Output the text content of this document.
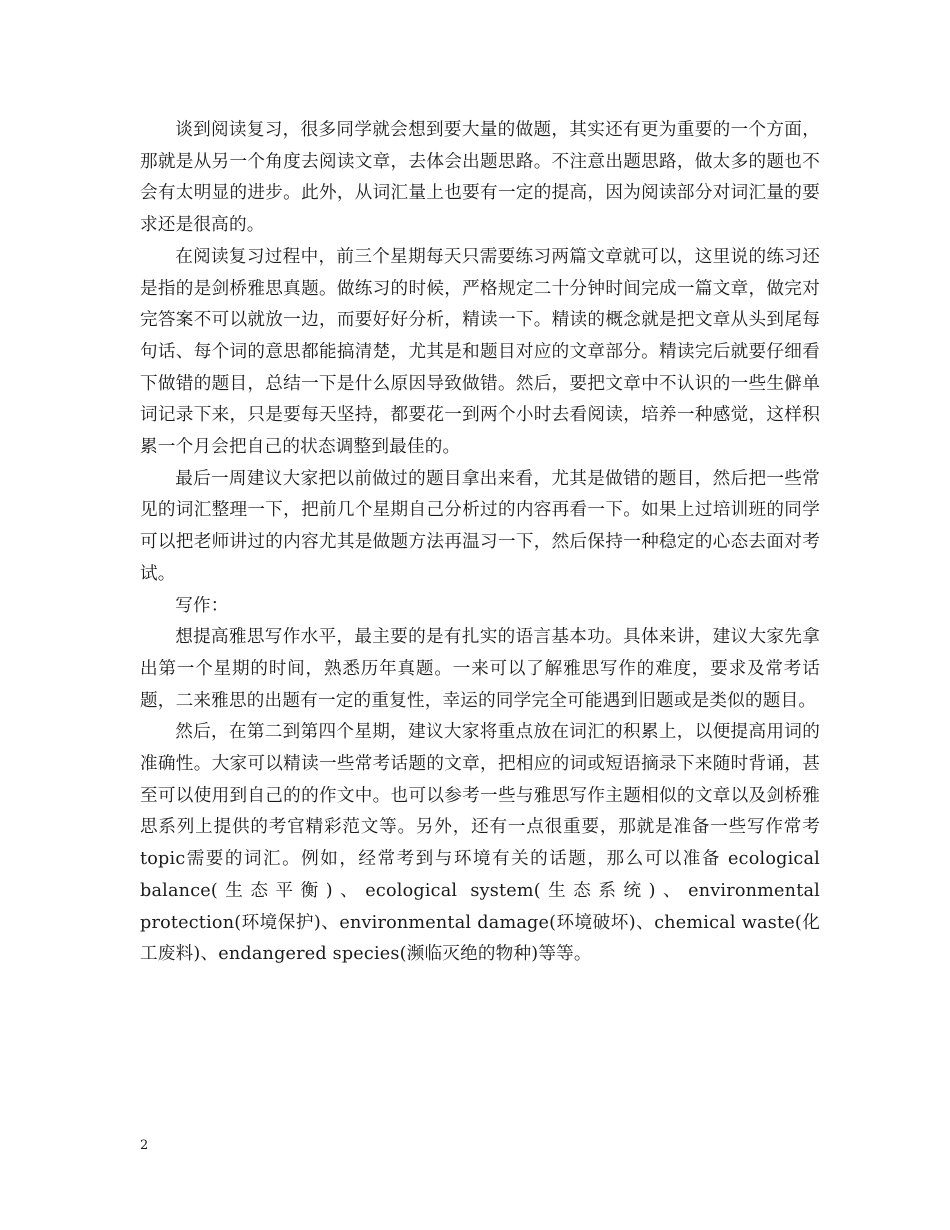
谈到阅读复习，很多同学就会想到要大量的做题，其实还有更为重要的一个方面，那就是从另一个角度去阅读文章，去体会出题思路。不注意出题思路，做太多的题也不会有太明显的进步。此外，从词汇量上也要有一定的提高，因为阅读部分对词汇量的要求还是很高的。

在阅读复习过程中，前三个星期每天只需要练习两篇文章就可以，这里说的练习还是指的是剑桥雅思真题。做练习的时候，严格规定二十分钟时间完成一篇文章，做完对完答案不可以就放一边，而要好好分析，精读一下。精读的概念就是把文章从头到尾每句话、每个词的意思都能搞清楚，尤其是和题目对应的文章部分。精读完后就要仔细看下做错的题目，总结一下是什么原因导致做错。然后，要把文章中不认识的一些生僻单词记录下来，只是要每天坚持，都要花一到两个小时去看阅读，培养一种感觉，这样积累一个月会把自己的状态调整到最佳的。

最后一周建议大家把以前做过的题目拿出来看，尤其是做错的题目，然后把一些常见的词汇整理一下，把前几个星期自己分析过的内容再看一下。如果上过培训班的同学可以把老师讲过的内容尤其是做题方法再温习一下，然后保持一种稳定的心态去面对考试。

写作：

想提高雅思写作水平，最主要的是有扎实的语言基本功。具体来讲，建议大家先拿出第一个星期的时间，熟悉历年真题。一来可以了解雅思写作的难度，要求及常考话题，二来雅思的出题有一定的重复性，幸运的同学完全可能遇到旧题或是类似的题目。

然后，在第二到第四个星期，建议大家将重点放在词汇的积累上，以便提高用词的准确性。大家可以精读一些常考话题的文章，把相应的词或短语摘录下来随时背诵，甚至可以使用到自己的的作文中。也可以参考一些与雅思写作主题相似的文章以及剑桥雅思系列上提供的考官精彩范文等。另外，还有一点很重要，那就是准备一些写作常考topic需要的词汇。例如，经常考到与环境有关的话题，那么可以准备 ecological balance(生态平衡)、ecological system(生态系统)、environmental protection(环境保护)、environmental damage(环境破坏)、chemical waste(化工废料)、endangered species(濒临灭绝的物种)等等。

2
